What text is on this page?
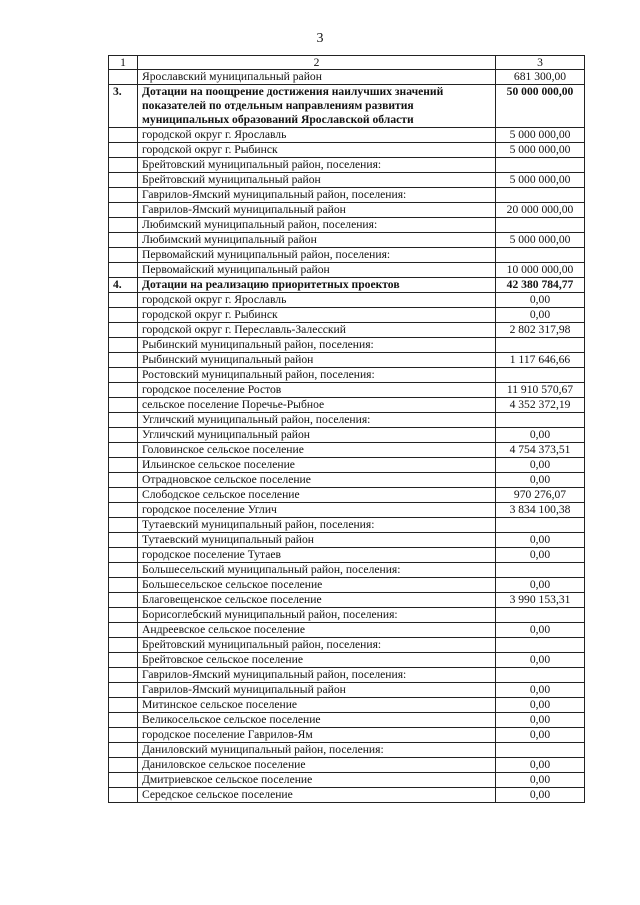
3
1	2	3
	Ярославский муниципальный район	681 300,00
3.	Дотации на поощрение достижения наилучших значений показателей по отдельным направлениям развития муниципальных образований Ярославской области	50 000 000,00
	городской округ г. Ярославль	5 000 000,00
	городской округ г. Рыбинск	5 000 000,00
	Брейтовский муниципальный район, поселения:	
	Брейтовский муниципальный район	5 000 000,00
	Гаврилов-Ямский муниципальный район, поселения:	
	Гаврилов-Ямский муниципальный район	20 000 000,00
	Любимский муниципальный район, поселения:	
	Любимский муниципальный район	5 000 000,00
	Первомайский муниципальный район, поселения:	
	Первомайский муниципальный район	10 000 000,00
4.	Дотации на реализацию приоритетных проектов	42 380 784,77
	городской округ г. Ярославль	0,00
	городской округ г. Рыбинск	0,00
	городской округ г. Переславль-Залесский	2 802 317,98
	Рыбинский муниципальный район, поселения:	
	Рыбинский муниципальный район	1 117 646,66
	Ростовский муниципальный район, поселения:	
	городское поселение Ростов	11 910 570,67
	сельское поселение Поречье-Рыбное	4 352 372,19
	Угличский муниципальный район, поселения:	
	Угличский муниципальный район	0,00
	Головинское сельское поселение	4 754 373,51
	Ильинское сельское поселение	0,00
	Отрадновское сельское поселение	0,00
	Слободское сельское поселение	970 276,07
	городское поселение Углич	3 834 100,38
	Тутаевский муниципальный район, поселения:	
	Тутаевский муниципальный район	0,00
	городское поселение Тутаев	0,00
	Большесельский муниципальный район, поселения:	
	Большесельское сельское поселение	0,00
	Благовещенское сельское поселение	3 990 153,31
	Борисоглебский муниципальный район, поселения:	
	Андреевское сельское поселение	0,00
	Брейтовский муниципальный район, поселения:	
	Брейтовское сельское поселение	0,00
	Гаврилов-Ямский муниципальный район, поселения:	
	Гаврилов-Ямский муниципальный район	0,00
	Митинское сельское поселение	0,00
	Великосельское сельское поселение	0,00
	городское поселение Гаврилов-Ям	0,00
	Даниловский муниципальный район, поселения:	
	Даниловское сельское поселение	0,00
	Дмитриевское сельское поселение	0,00
	Середское сельское поселение	0,00
